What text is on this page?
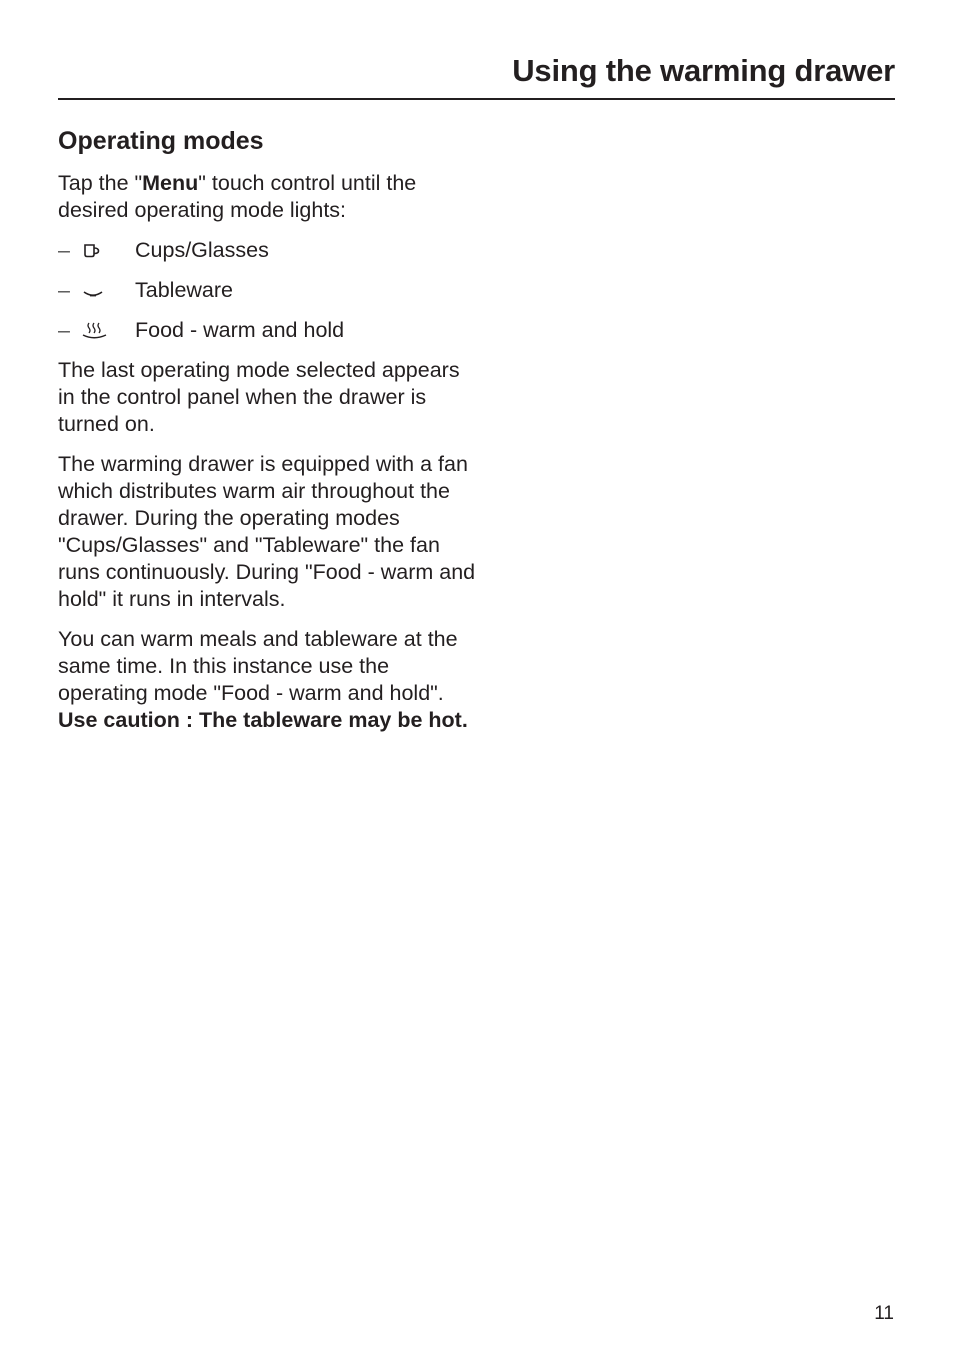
Using the warming drawer
Operating modes

Tap the "Menu" touch control until the desired operating mode lights:

–	Cups/Glasses
–	Tableware
–	Food - warm and hold

The last operating mode selected appears in the control panel when the drawer is turned on.

The warming drawer is equipped with a fan which distributes warm air throughout the drawer. During the operating modes "Cups/Glasses" and "Tableware" the fan runs continuously. During "Food - warm and hold" it runs in intervals.

You can warm meals and tableware at the same time. In this instance use the operating mode "Food - warm and hold".

Use caution : The tableware may be hot.

11
